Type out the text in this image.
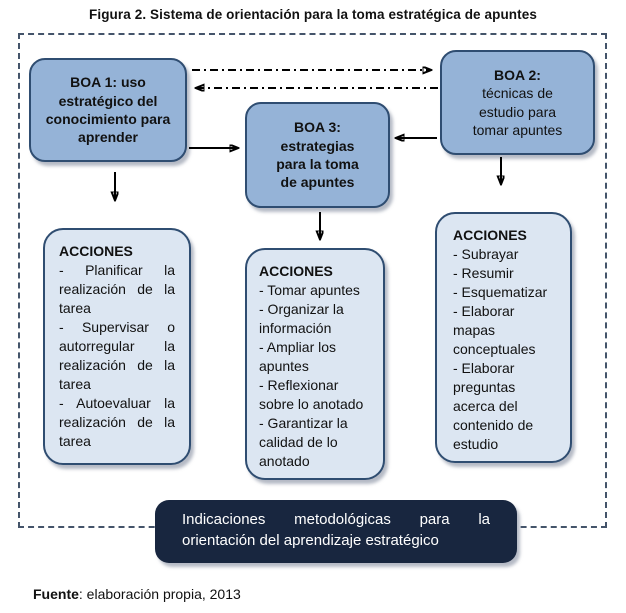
Figura 2. Sistema de orientación para la toma estratégica de apuntes
BOA 1: uso estratégico del conocimiento para aprender
BOA 2:
técnicas de estudio para tomar apuntes
BOA 3: estrategias para la toma de apuntes
ACCIONES
- Planificar la realización de la tarea
- Supervisar o autorregular la realización de la tarea
- Autoevaluar la realización de la tarea
ACCIONES
- Tomar apuntes
- Organizar la información
- Ampliar los apuntes
- Reflexionar sobre lo anotado
- Garantizar la calidad de lo anotado
ACCIONES
- Subrayar
- Resumir
- Esquematizar
- Elaborar mapas conceptuales
- Elaborar preguntas acerca del contenido de estudio
Indicaciones metodológicas para la orientación del aprendizaje estratégico
Fuente: elaboración propia, 2013
